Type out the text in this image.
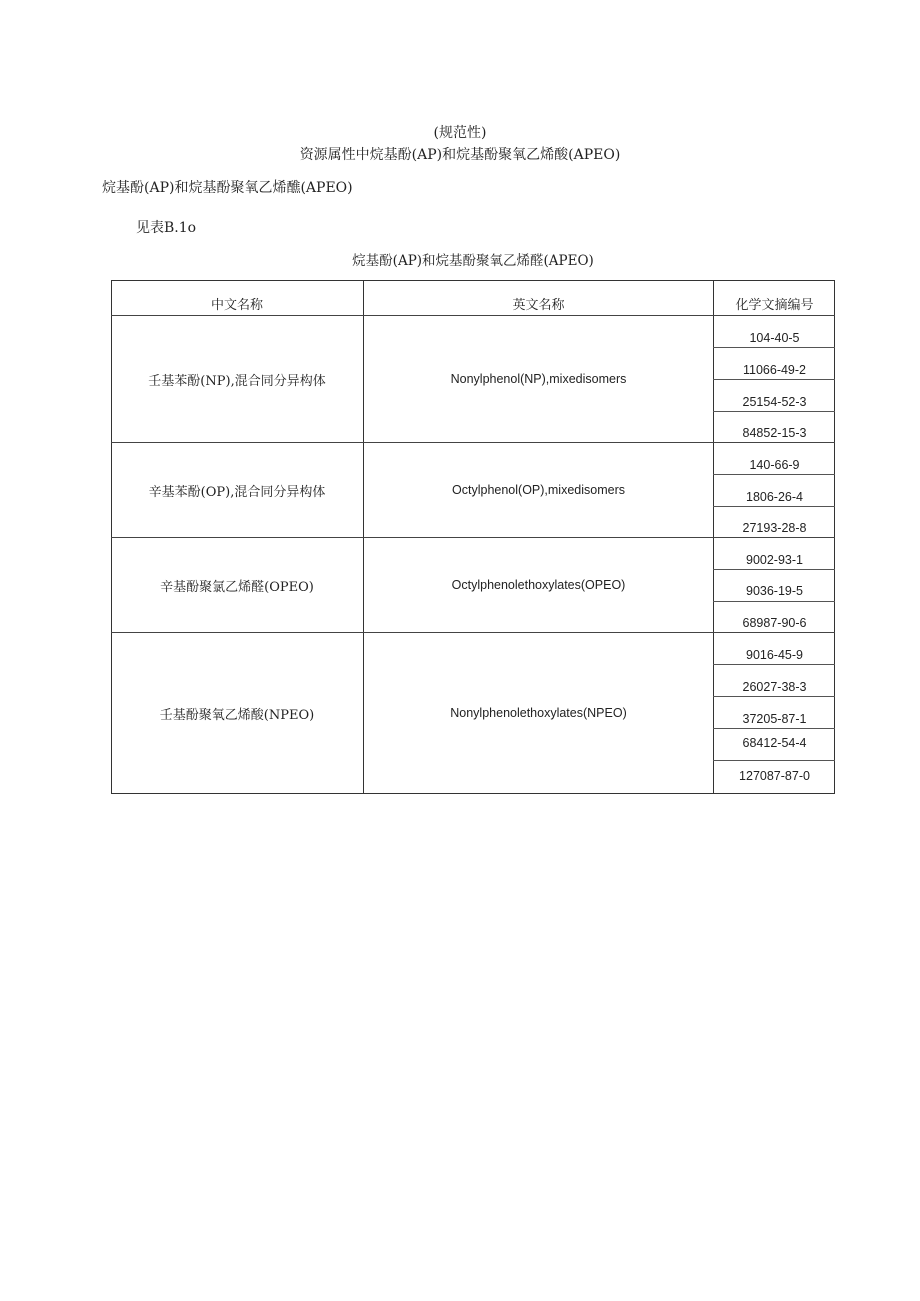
(规范性)
资源属性中烷基酚(AP)和烷基酚聚氧乙烯酸(APEO)
烷基酚(AP)和烷基酚聚氧乙烯醮(APEO)
见表B.1o
烷基酚(AP)和烷基酚聚氧乙烯醛(APEO)
中文名称	英文名称	化学文摘编号
壬基苯酚(NP),混合同分异构体	Nonylphenol(NP),mixedisomers
104-40-5
11066-49-2
25154-52-3
84852-15-3
辛基苯酚(OP),混合同分异构体	Octylphenol(OP),mixedisomers
140-66-9
1806-26-4
27193-28-8
辛基酚聚氯乙烯醛(OPEO)	Octylphenolethoxylates(OPEO)
9002-93-1
9036-19-5
68987-90-6
壬基酚聚氧乙烯酸(NPEO)	Nonylphenolethoxylates(NPEO)
9016-45-9
26027-38-3
37205-87-1
68412-54-4
127087-87-0
